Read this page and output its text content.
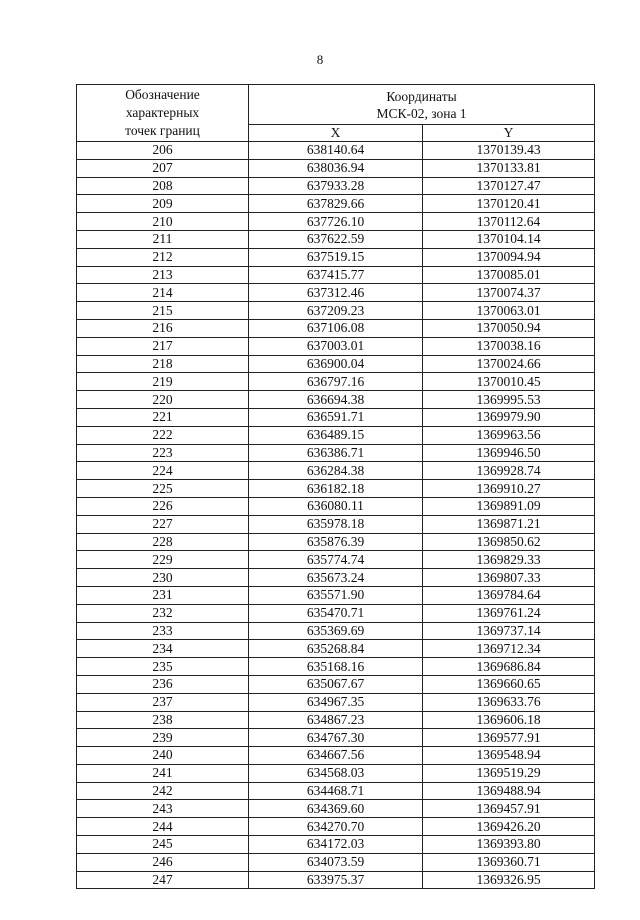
8
Обозначение
характерных
точек границ	Координаты
МСК-02, зона 1	

	X	Y
206	638140.64	1370139.43
207	638036.94	1370133.81
208	637933.28	1370127.47
209	637829.66	1370120.41
210	637726.10	1370112.64
211	637622.59	1370104.14
212	637519.15	1370094.94
213	637415.77	1370085.01
214	637312.46	1370074.37
215	637209.23	1370063.01
216	637106.08	1370050.94
217	637003.01	1370038.16
218	636900.04	1370024.66
219	636797.16	1370010.45
220	636694.38	1369995.53
221	636591.71	1369979.90
222	636489.15	1369963.56
223	636386.71	1369946.50
224	636284.38	1369928.74
225	636182.18	1369910.27
226	636080.11	1369891.09
227	635978.18	1369871.21
228	635876.39	1369850.62
229	635774.74	1369829.33
230	635673.24	1369807.33
231	635571.90	1369784.64
232	635470.71	1369761.24
233	635369.69	1369737.14
234	635268.84	1369712.34
235	635168.16	1369686.84
236	635067.67	1369660.65
237	634967.35	1369633.76
238	634867.23	1369606.18
239	634767.30	1369577.91
240	634667.56	1369548.94
241	634568.03	1369519.29
242	634468.71	1369488.94
243	634369.60	1369457.91
244	634270.70	1369426.20
245	634172.03	1369393.80
246	634073.59	1369360.71
247	633975.37	1369326.95
